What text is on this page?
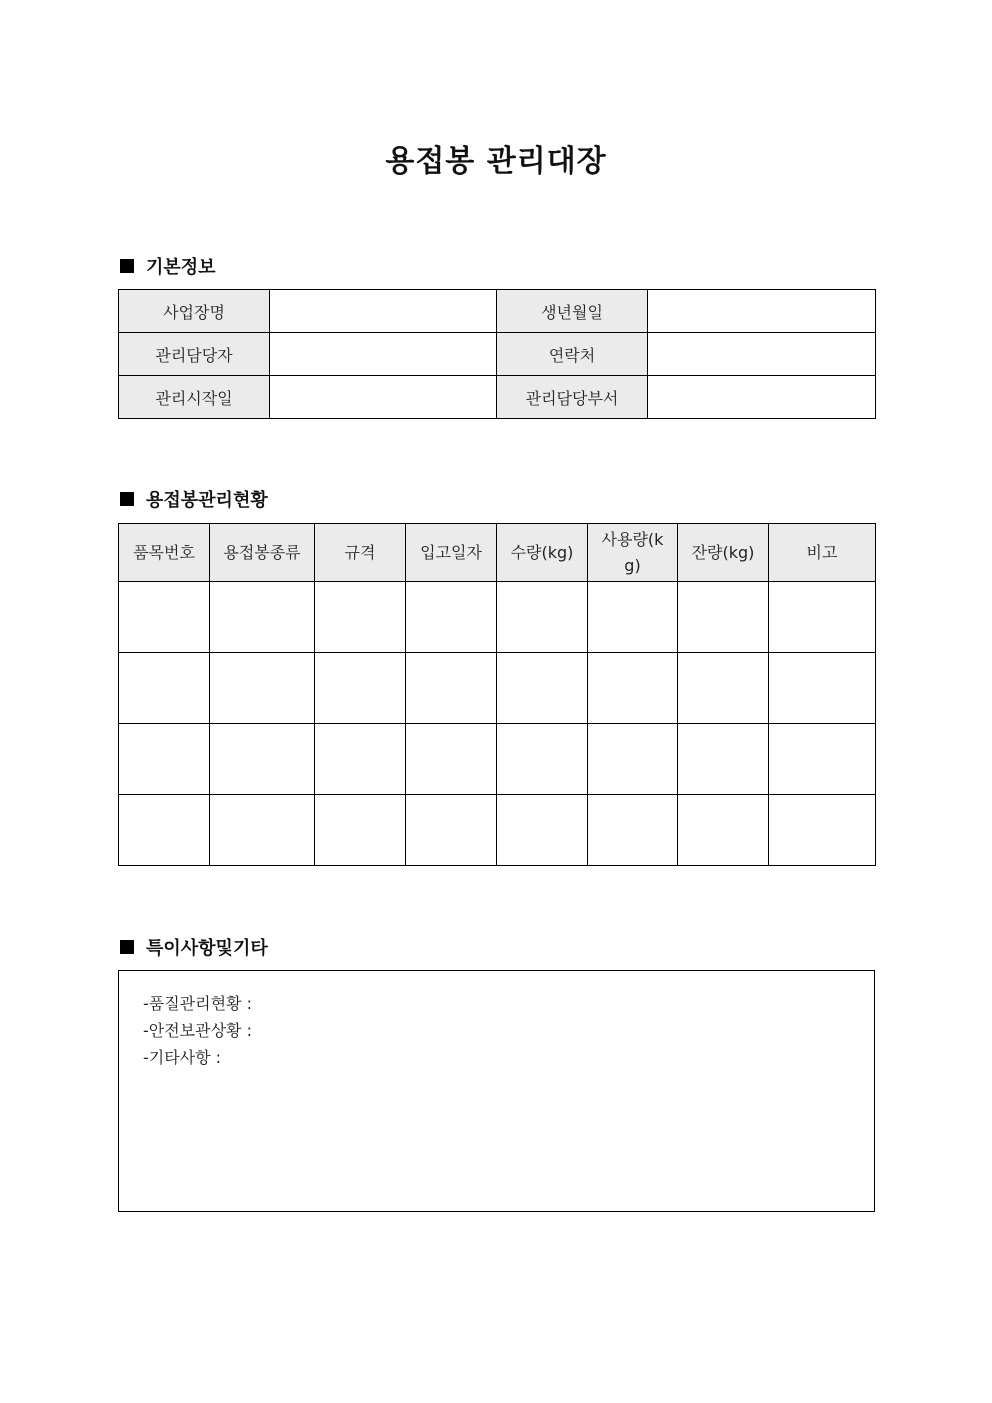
용접봉 관리대장
기본정보
사업장명		생년월일	
관리담당자		연락처	
관리시작일		관리담당부서	
용접봉관리현황
품목번호	용접봉종류	규격	입고일자	수량(kg)	사용량(kg)	잔량(kg)	비고

특이사항및기타
-품질관리현황 :
-안전보관상황 :
-기타사항 :
